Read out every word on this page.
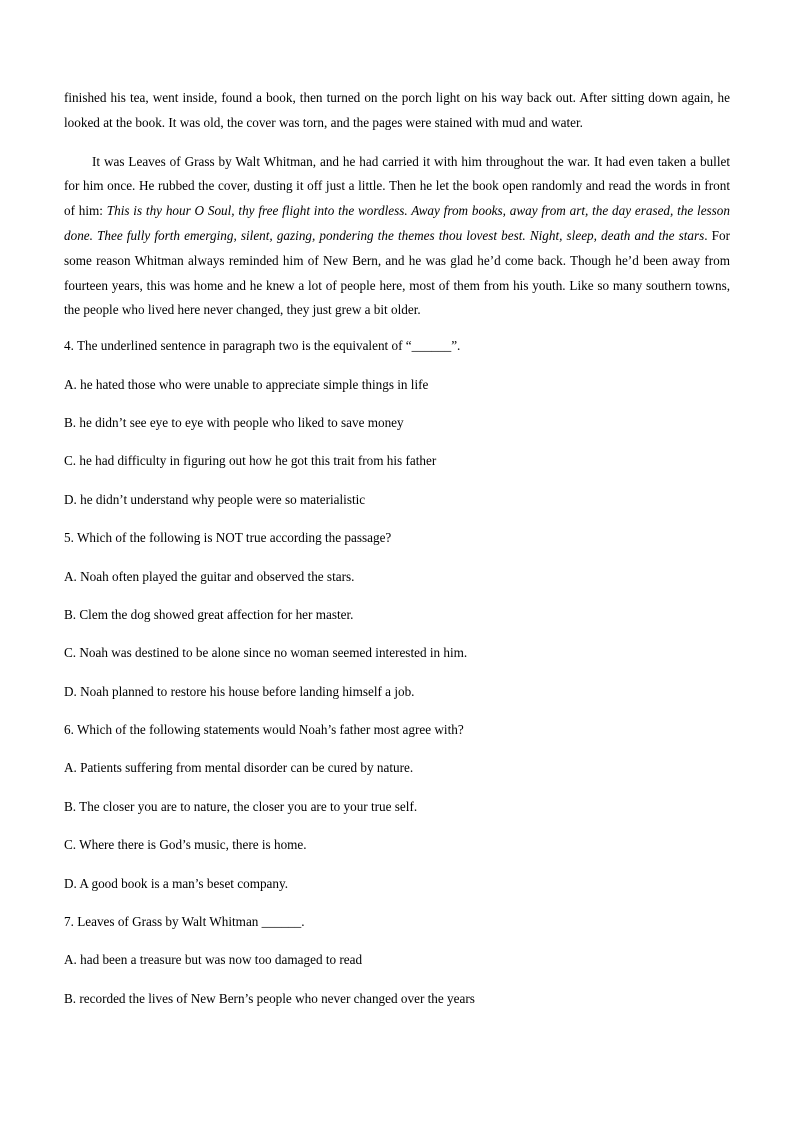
finished his tea, went inside, found a book, then turned on the porch light on his way back out. After sitting down again, he looked at the book. It was old, the cover was torn, and the pages were stained with mud and water.

It was Leaves of Grass by Walt Whitman, and he had carried it with him throughout the war. It had even taken a bullet for him once. He rubbed the cover, dusting it off just a little. Then he let the book open randomly and read the words in front of him: This is thy hour O Soul, thy free flight into the wordless. Away from books, away from art, the day erased, the lesson done. Thee fully forth emerging, silent, gazing, pondering the themes thou lovest best. Night, sleep, death and the stars. For some reason Whitman always reminded him of New Bern, and he was glad he’d come back. Though he’d been away from fourteen years, this was home and he knew a lot of people here, most of them from his youth. Like so many southern towns, the people who lived here never changed, they just grew a bit older.

4. The underlined sentence in paragraph two is the equivalent of “______”.
A. he hated those who were unable to appreciate simple things in life
B. he didn’t see eye to eye with people who liked to save money
C. he had difficulty in figuring out how he got this trait from his father
D. he didn’t understand why people were so materialistic
5. Which of the following is NOT true according the passage?
A. Noah often played the guitar and observed the stars.
B. Clem the dog showed great affection for her master.
C. Noah was destined to be alone since no woman seemed interested in him.
D. Noah planned to restore his house before landing himself a job.
6. Which of the following statements would Noah’s father most agree with?
A. Patients suffering from mental disorder can be cured by nature.
B. The closer you are to nature, the closer you are to your true self.
C. Where there is God’s music, there is home.
D. A good book is a man’s beset company.
7. Leaves of Grass by Walt Whitman ______.
A. had been a treasure but was now too damaged to read
B. recorded the lives of New Bern’s people who never changed over the years
